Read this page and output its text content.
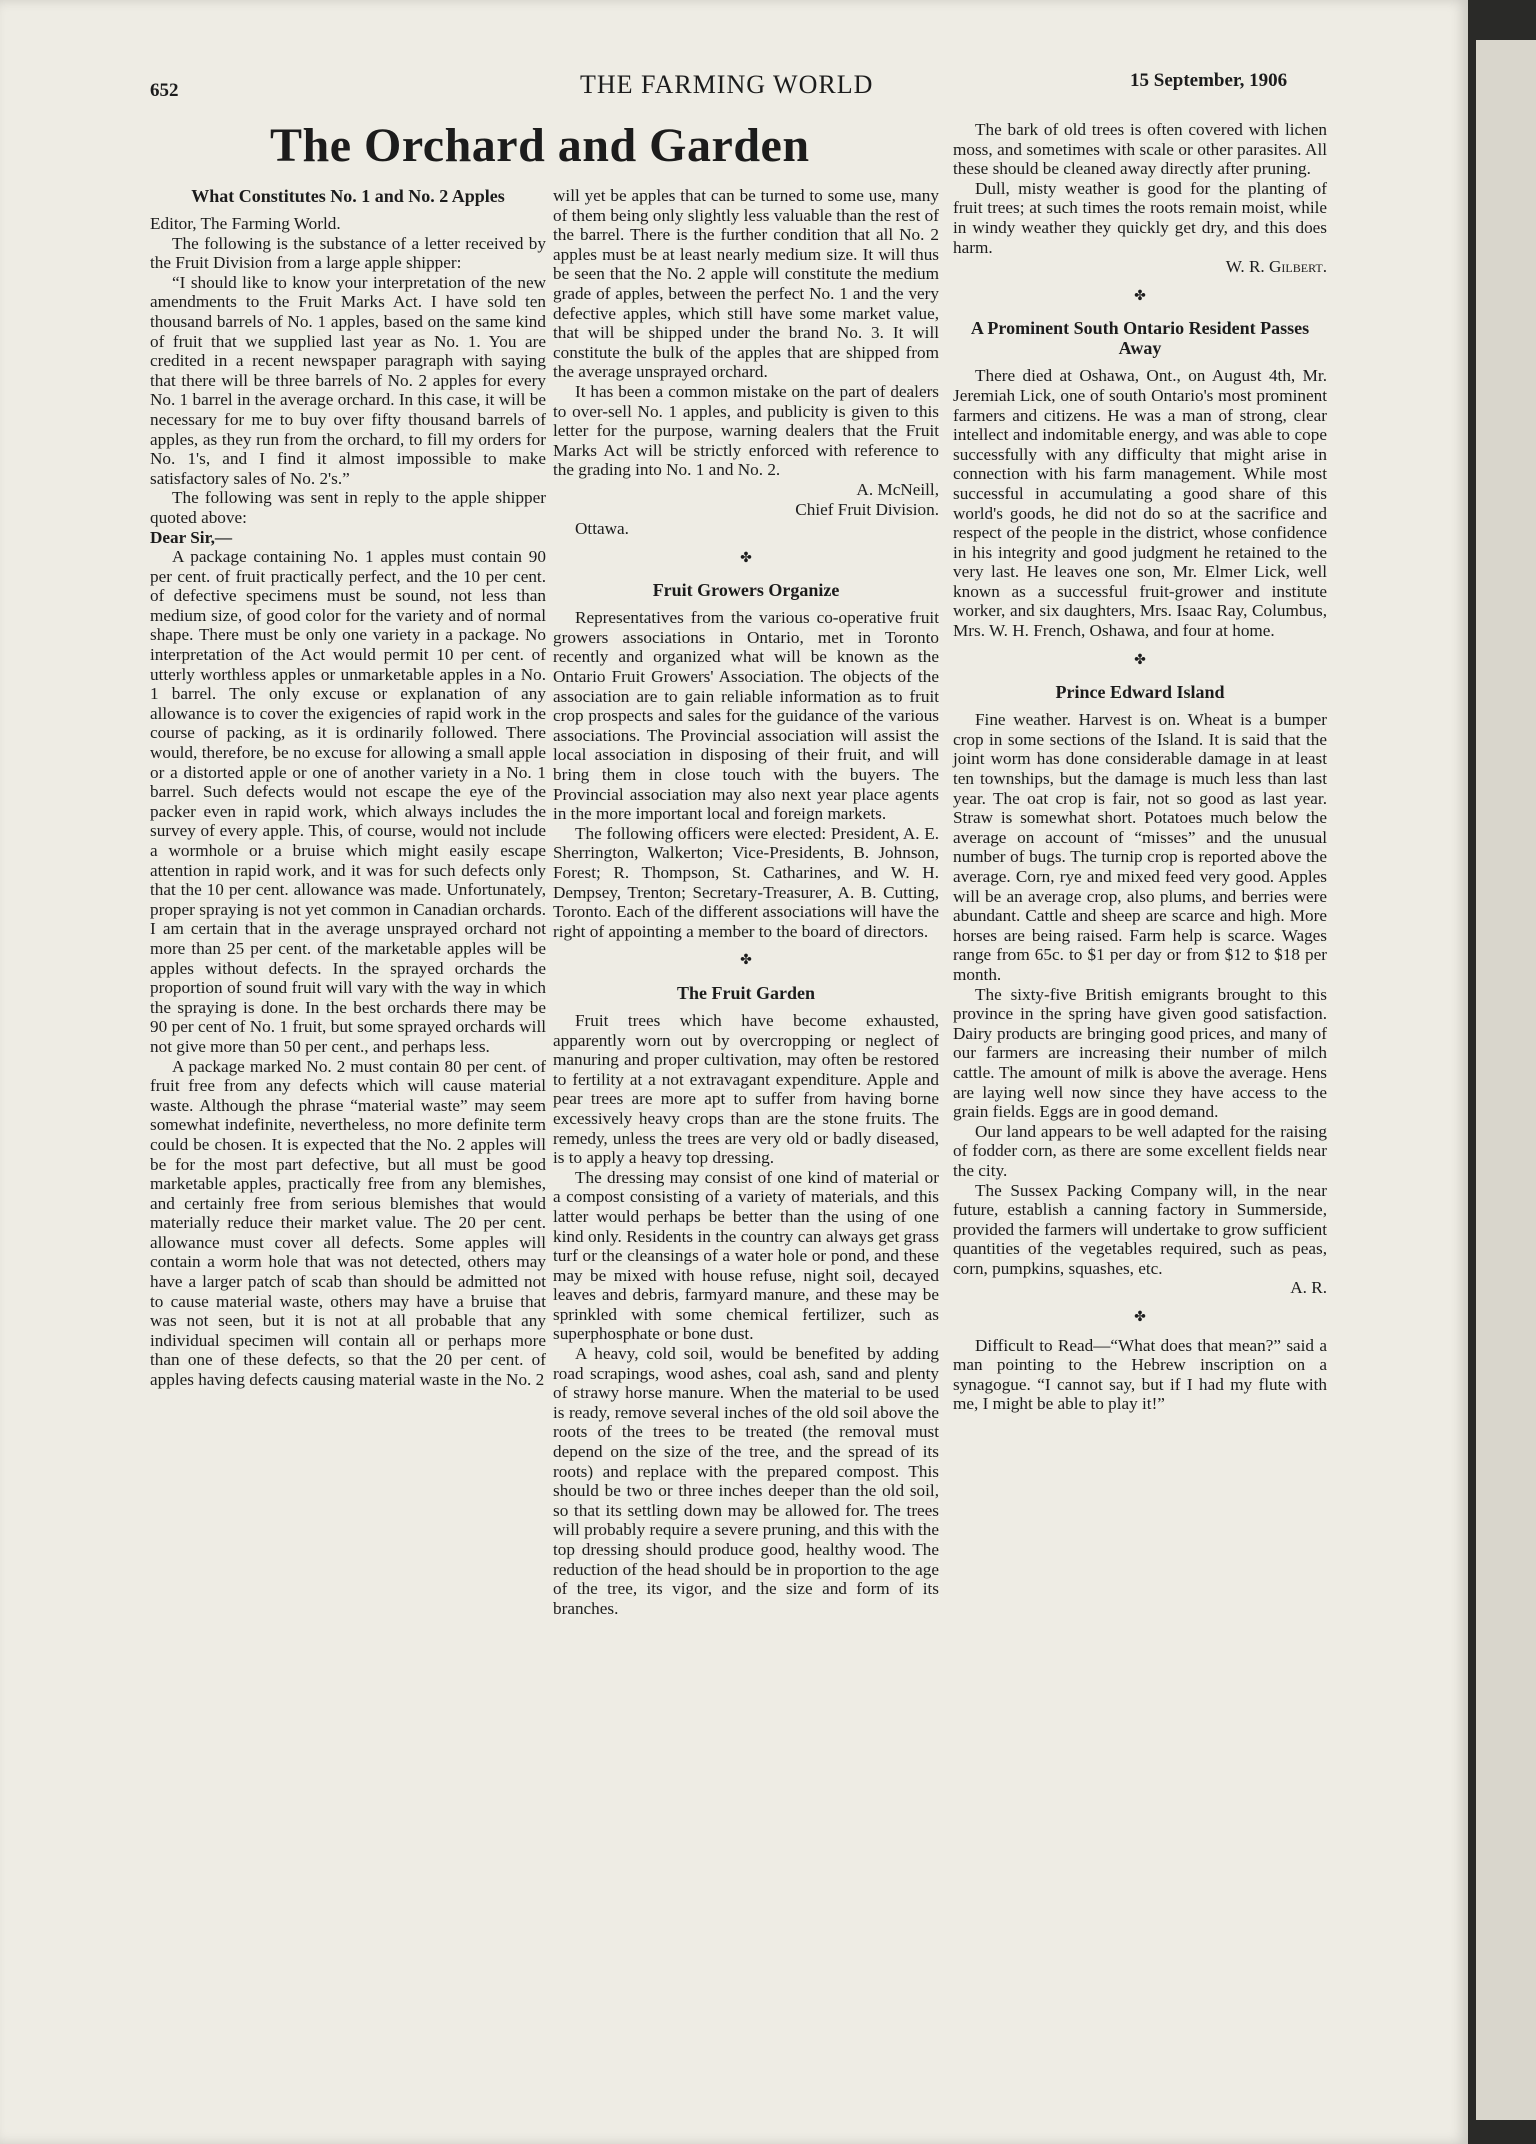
652	THE FARMING WORLD	15 September, 1906
The Orchard and Garden
What Constitutes No. 1 and No. 2 Apples

Editor, The Farming World.

The following is the substance of a letter received by the Fruit Division from a large apple shipper:

“I should like to know your interpretation of the new amendments to the Fruit Marks Act. I have sold ten thousand barrels of No. 1 apples, based on the same kind of fruit that we supplied last year as No. 1. You are credited in a recent newspaper paragraph with saying that there will be three barrels of No. 2 apples for every No. 1 barrel in the average orchard. In this case, it will be necessary for me to buy over fifty thousand barrels of apples, as they run from the orchard, to fill my orders for No. 1's, and I find it almost impossible to make satisfactory sales of No. 2's.”

The following was sent in reply to the apple shipper quoted above:

Dear Sir,—

A package containing No. 1 apples must contain 90 per cent. of fruit practically perfect, and the 10 per cent. of defective specimens must be sound, not less than medium size, of good color for the variety and of normal shape. There must be only one variety in a package. No interpretation of the Act would permit 10 per cent. of utterly worthless apples or unmarketable apples in a No. 1 barrel. The only excuse or explanation of any allowance is to cover the exigencies of rapid work in the course of packing, as it is ordinarily followed. There would, therefore, be no excuse for allowing a small apple or a distorted apple or one of another variety in a No. 1 barrel. Such defects would not escape the eye of the packer even in rapid work, which always includes the survey of every apple. This, of course, would not include a wormhole or a bruise which might easily escape attention in rapid work, and it was for such defects only that the 10 per cent. allowance was made. Unfortunately, proper spraying is not yet common in Canadian orchards. I am certain that in the average unsprayed orchard not more than 25 per cent. of the marketable apples will be apples without defects. In the sprayed orchards the proportion of sound fruit will vary with the way in which the spraying is done. In the best orchards there may be 90 per cent of No. 1 fruit, but some sprayed orchards will not give more than 50 per cent., and perhaps less.

A package marked No. 2 must contain 80 per cent. of fruit free from any defects which will cause material waste. Although the phrase “material waste” may seem somewhat indefinite, nevertheless, no more definite term could be chosen. It is expected that the No. 2 apples will be for the most part defective, but all must be good marketable apples, practically free from any blemishes, and certainly free from serious blemishes that would materially reduce their market value. The 20 per cent. allowance must cover all defects. Some apples will contain a worm hole that was not detected, others may have a larger patch of scab than should be admitted not to cause material waste, others may have a bruise that was not seen, but it is not at all probable that any individual specimen will contain all or perhaps more than one of these defects, so that the 20 per cent. of apples having defects causing material waste in the No. 2

will yet be apples that can be turned to some use, many of them being only slightly less valuable than the rest of the barrel. There is the further condition that all No. 2 apples must be at least nearly medium size. It will thus be seen that the No. 2 apple will constitute the medium grade of apples, between the perfect No. 1 and the very defective apples, which still have some market value, that will be shipped under the brand No. 3. It will constitute the bulk of the apples that are shipped from the average unsprayed orchard.

It has been a common mistake on the part of dealers to over-sell No. 1 apples, and publicity is given to this letter for the purpose, warning dealers that the Fruit Marks Act will be strictly enforced with reference to the grading into No. 1 and No. 2.

A. McNeill,

Chief Fruit Division.

Ottawa.

✤
Fruit Growers Organize

Representatives from the various co-operative fruit growers associations in Ontario, met in Toronto recently and organized what will be known as the Ontario Fruit Growers' Association. The objects of the association are to gain reliable information as to fruit crop prospects and sales for the guidance of the various associations. The Provincial association will assist the local association in disposing of their fruit, and will bring them in close touch with the buyers. The Provincial association may also next year place agents in the more important local and foreign markets.

The following officers were elected: President, A. E. Sherrington, Walkerton; Vice-Presidents, B. Johnson, Forest; R. Thompson, St. Catharines, and W. H. Dempsey, Trenton; Secretary-Treasurer, A. B. Cutting, Toronto. Each of the different associations will have the right of appointing a member to the board of directors.

✤
The Fruit Garden

Fruit trees which have become exhausted, apparently worn out by overcropping or neglect of manuring and proper cultivation, may often be restored to fertility at a not extravagant expenditure. Apple and pear trees are more apt to suffer from having borne excessively heavy crops than are the stone fruits. The remedy, unless the trees are very old or badly diseased, is to apply a heavy top dressing.

The dressing may consist of one kind of material or a compost consisting of a variety of materials, and this latter would perhaps be better than the using of one kind only. Residents in the country can always get grass turf or the cleansings of a water hole or pond, and these may be mixed with house refuse, night soil, decayed leaves and debris, farmyard manure, and these may be sprinkled with some chemical fertilizer, such as superphosphate or bone dust.

A heavy, cold soil, would be benefited by adding road scrapings, wood ashes, coal ash, sand and plenty of strawy horse manure. When the material to be used is ready, remove several inches of the old soil above the roots of the trees to be treated (the removal must depend on the size of the tree, and the spread of its roots) and replace with the prepared compost. This should be two or three inches deeper than the old soil, so that its settling down may be allowed for. The trees will probably require a severe pruning, and this with the top dressing should produce good, healthy wood. The reduction of the head should be in proportion to the age of the tree, its vigor, and the size and form of its branches.

The bark of old trees is often covered with lichen moss, and sometimes with scale or other parasites. All these should be cleaned away directly after pruning.

Dull, misty weather is good for the planting of fruit trees; at such times the roots remain moist, while in windy weather they quickly get dry, and this does harm.

W. R. Gilbert.

✤
A Prominent South Ontario Resident Passes Away

There died at Oshawa, Ont., on August 4th, Mr. Jeremiah Lick, one of south Ontario's most prominent farmers and citizens. He was a man of strong, clear intellect and indomitable energy, and was able to cope successfully with any difficulty that might arise in connection with his farm management. While most successful in accumulating a good share of this world's goods, he did not do so at the sacrifice and respect of the people in the district, whose confidence in his integrity and good judgment he retained to the very last. He leaves one son, Mr. Elmer Lick, well known as a successful fruit-grower and institute worker, and six daughters, Mrs. Isaac Ray, Columbus, Mrs. W. H. French, Oshawa, and four at home.

✤
Prince Edward Island

Fine weather. Harvest is on. Wheat is a bumper crop in some sections of the Island. It is said that the joint worm has done considerable damage in at least ten townships, but the damage is much less than last year. The oat crop is fair, not so good as last year. Straw is somewhat short. Potatoes much below the average on account of “misses” and the unusual number of bugs. The turnip crop is reported above the average. Corn, rye and mixed feed very good. Apples will be an average crop, also plums, and berries were abundant. Cattle and sheep are scarce and high. More horses are being raised. Farm help is scarce. Wages range from 65c. to $1 per day or from $12 to $18 per month.

The sixty-five British emigrants brought to this province in the spring have given good satisfaction. Dairy products are bringing good prices, and many of our farmers are increasing their number of milch cattle. The amount of milk is above the average. Hens are laying well now since they have access to the grain fields. Eggs are in good demand.

Our land appears to be well adapted for the raising of fodder corn, as there are some excellent fields near the city.

The Sussex Packing Company will, in the near future, establish a canning factory in Summerside, provided the farmers will undertake to grow sufficient quantities of the vegetables required, such as peas, corn, pumpkins, squashes, etc.

A. R.

✤

Difficult to Read—“What does that mean?” said a man pointing to the Hebrew inscription on a synagogue. “I cannot say, but if I had my flute with me, I might be able to play it!”
